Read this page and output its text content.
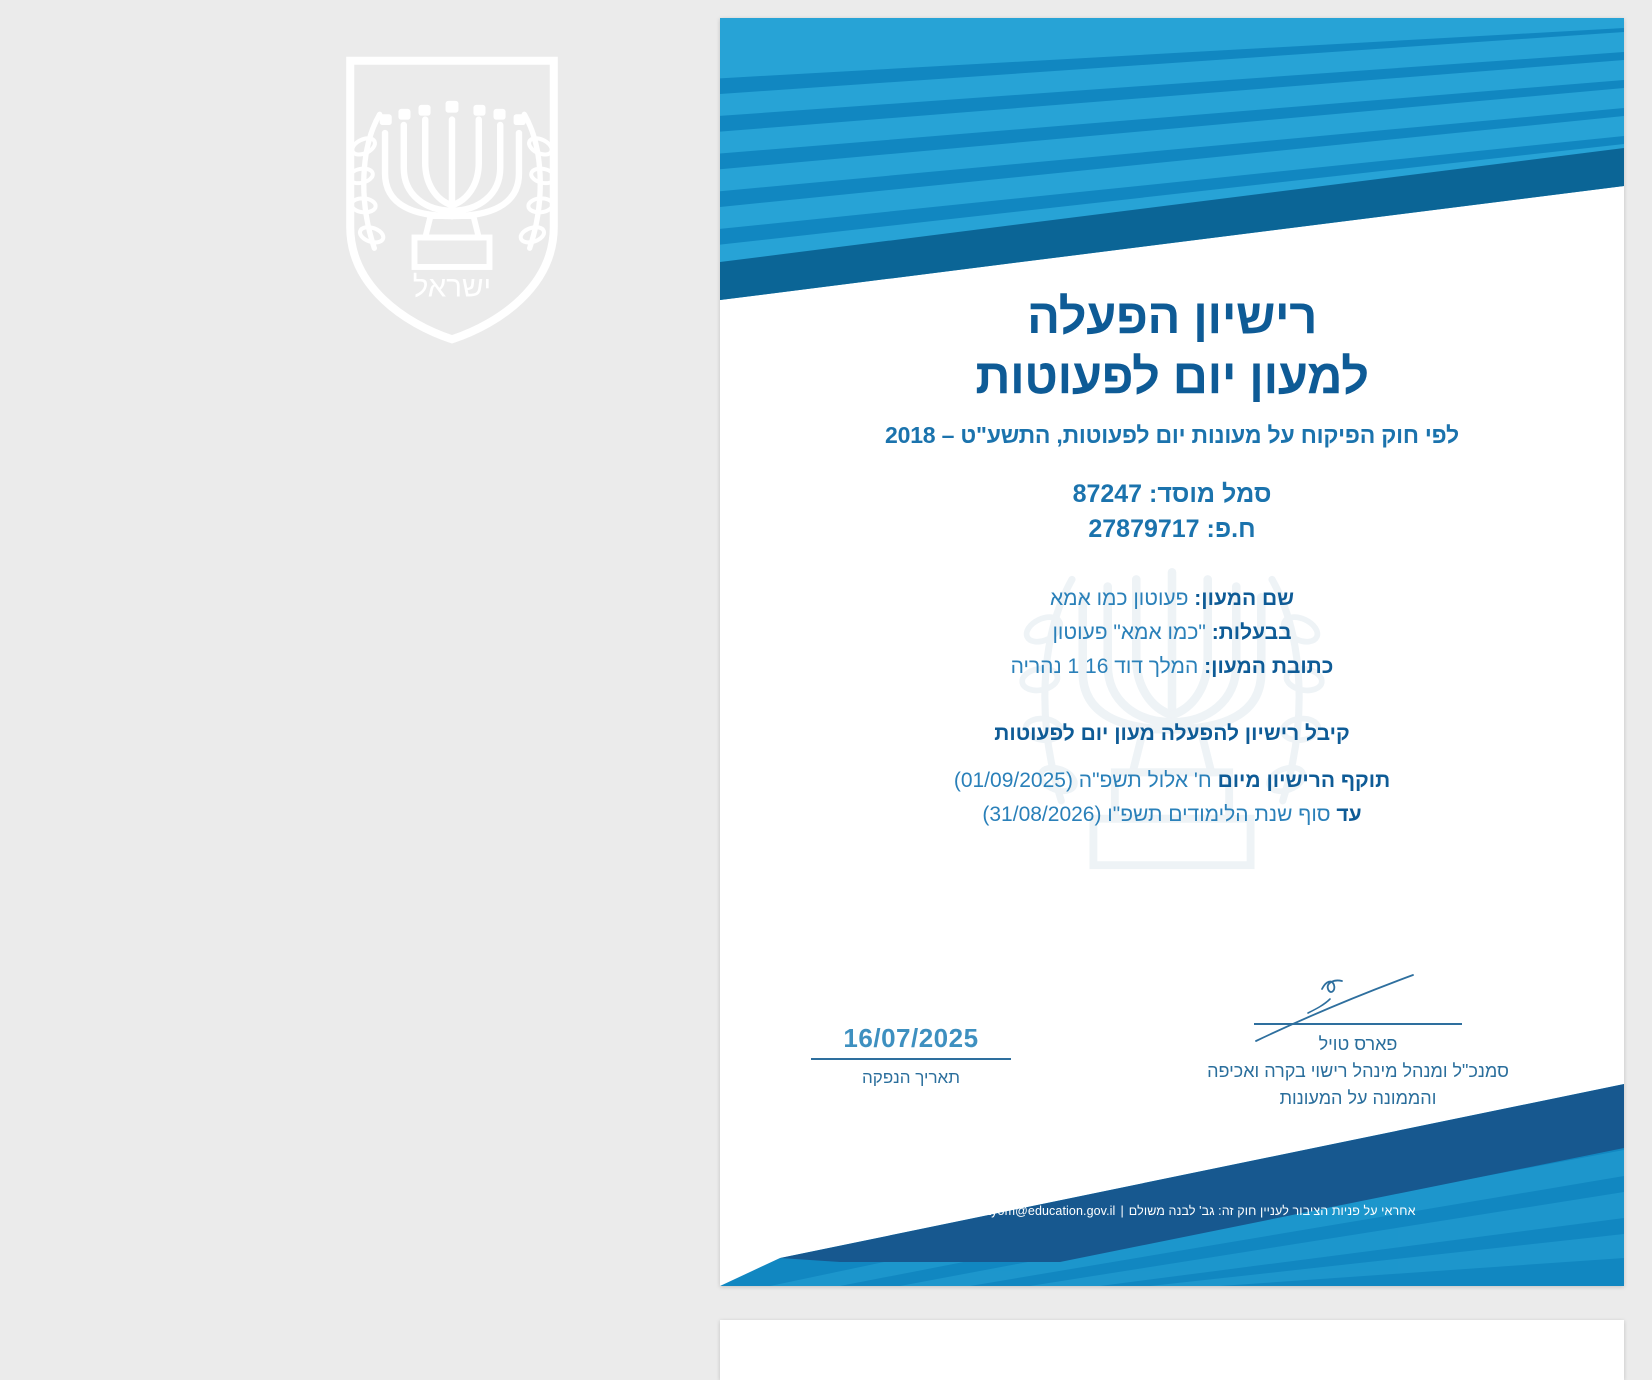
ישראל
מדינת ישראל
משרד החינוך
רישיון הפעלה
למעון יום לפעוטות
לפי חוק הפיקוח על מעונות יום לפעוטות, התשע"ט – 2018
סמל מוסד: 87247
ח.פ: 27879717
שם המעון: פעוטון כמו אמא
בבעלות: "כמו אמא" פעוטון
כתובת המעון: המלך דוד 16 1 נהריה
קיבל רישיון להפעלה מעון יום לפעוטות
תוקף הרישיון מיום ח' אלול תשפ"ה (01/09/2025)
עד סוף שנת הלימודים תשפ"ו (31/08/2026)
16/07/2025
תאריך הנפקה
פארס טויל
סמנכ"ל ומנהל מינהל רישוי בקרה ואכיפה
והממונה על המעונות
אחראי על פניות הציבור לעניין חוק זה: גב' לבנה משולם|pnzmeonotyom@education.gov.il
